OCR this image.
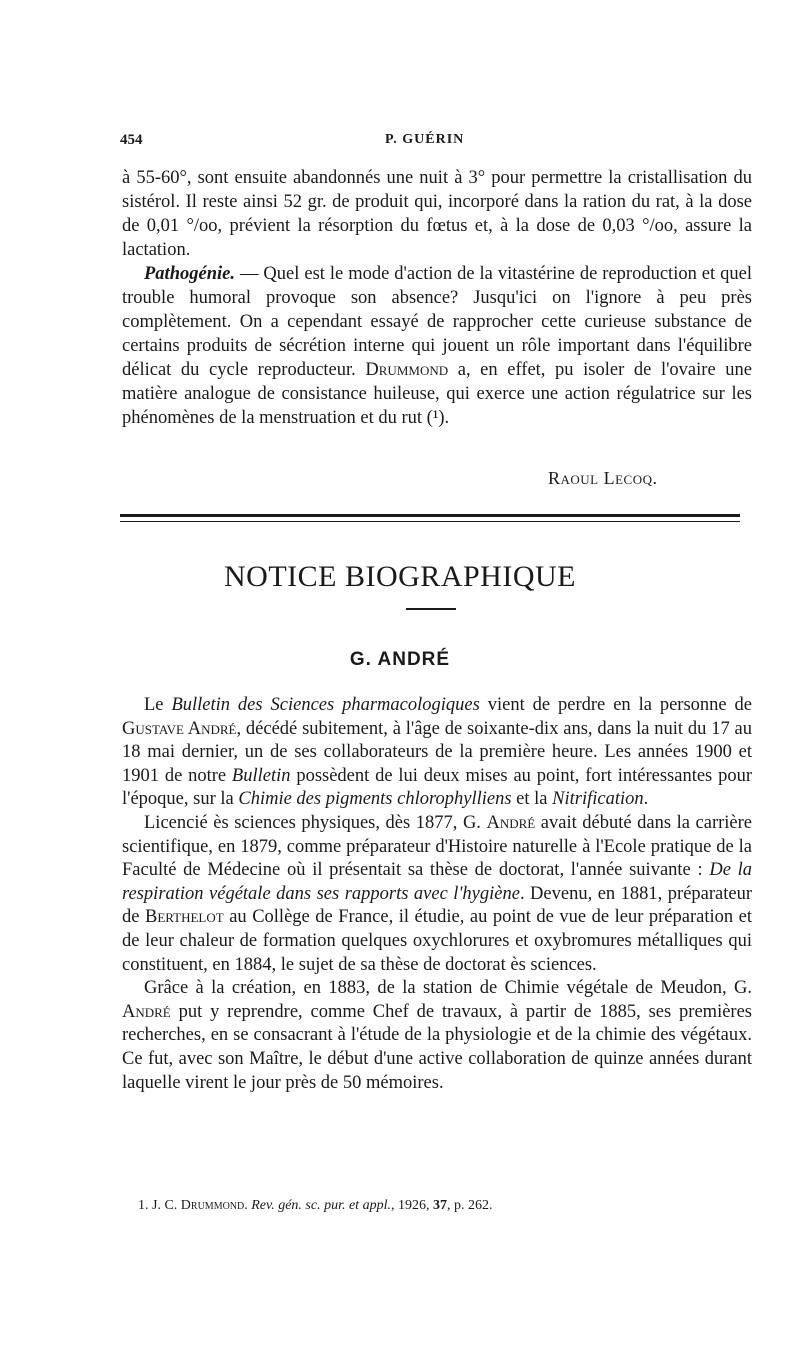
454	P. GUÉRIN

à 55-60°, sont ensuite abandonnés une nuit à 3° pour permettre la cristallisation du sistérol. Il reste ainsi 52 gr. de produit qui, incorporé dans la ration du rat, à la dose de 0,01 °/oo, prévient la résorption du fœtus et, à la dose de 0,03 °/oo, assure la lactation.

Pathogénie. — Quel est le mode d'action de la vitastérine de reproduction et quel trouble humoral provoque son absence? Jusqu'ici on l'ignore à peu près complètement. On a cependant essayé de rapprocher cette curieuse substance de certains produits de sécrétion interne qui jouent un rôle important dans l'équilibre délicat du cycle reproducteur. Drummond a, en effet, pu isoler de l'ovaire une matière analogue de consistance huileuse, qui exerce une action régulatrice sur les phénomènes de la menstruation et du rut (¹).

Raoul Lecoq.
NOTICE BIOGRAPHIQUE
G. ANDRÉ

Le Bulletin des Sciences pharmacologiques vient de perdre en la personne de Gustave André, décédé subitement, à l'âge de soixante-dix ans, dans la nuit du 17 au 18 mai dernier, un de ses collaborateurs de la première heure. Les années 1900 et 1901 de notre Bulletin possèdent de lui deux mises au point, fort intéressantes pour l'époque, sur la Chimie des pigments chlorophylliens et la Nitrification.

Licencié ès sciences physiques, dès 1877, G. André avait débuté dans la carrière scientifique, en 1879, comme préparateur d'Histoire naturelle à l'Ecole pratique de la Faculté de Médecine où il présentait sa thèse de doctorat, l'année suivante : De la respiration végétale dans ses rapports avec l'hygiène. Devenu, en 1881, préparateur de Berthelot au Collège de France, il étudie, au point de vue de leur préparation et de leur chaleur de formation quelques oxychlorures et oxybromures métalliques qui constituent, en 1884, le sujet de sa thèse de doctorat ès sciences.

Grâce à la création, en 1883, de la station de Chimie végétale de Meudon, G. André put y reprendre, comme Chef de travaux, à partir de 1885, ses premières recherches, en se consacrant à l'étude de la physiologie et de la chimie des végétaux. Ce fut, avec son Maître, le début d'une active collaboration de quinze années durant laquelle virent le jour près de 50 mémoires.

1. J. C. Drummond. Rev. gén. sc. pur. et appl., 1926, 37, p. 262.
